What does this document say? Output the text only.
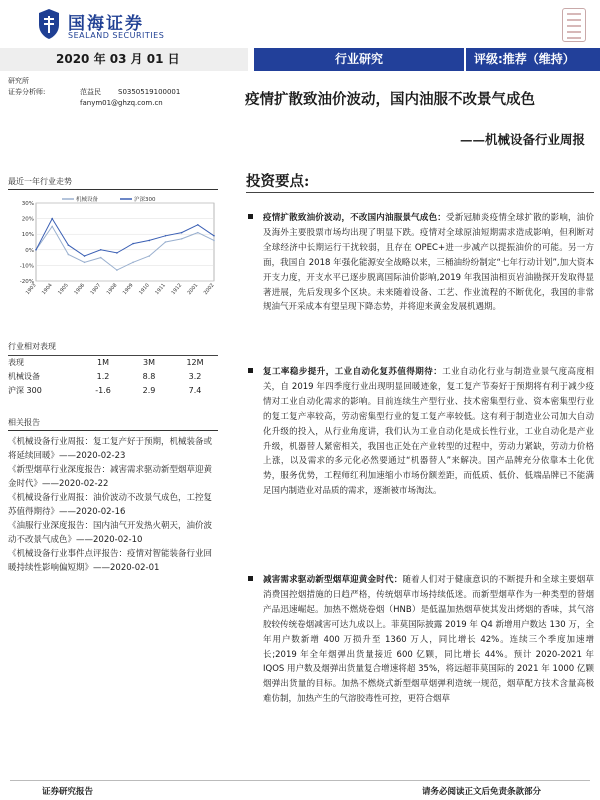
国海证券
SEALAND SECURITIES
2020 年 03 月 01 日	行业研究	评级:推荐（维持）
研究所
证券分析师:	范益民	S0350519100001
fanym01@ghzq.com.cn	疫情扩散致油价波动，国内油服不改景气成色
——机械设备行业周报
最近一年行业走势
30%
20%
10%
0%
-10%
-20%
1903 1904 1905 1906 1907 1908 1909 1910 1911 1912 2001 2002
机械设备	沪深300
行业相对表现
表现	1M	3M	12M
机械设备	1.2	8.8	3.2
沪深 300	-1.6	2.9	7.4
相关报告

《机械设备行业周报：复工复产好于预期，机械装备或将延续回暖》——2020-02-23

《新型烟草行业深度报告：减害需求驱动新型烟草迎黄金时代》——2020-02-22

《机械设备行业周报：油价波动不改景气成色，工控复苏值得期待》——2020-02-16

《油服行业深度报告：国内油气开发热火朝天，油价波动不改景气成色》——2020-02-10

《机械设备行业事件点评报告：疫情对智能装备行业回暖持续性影响偏短期》——2020-02-01

投资要点:
疫情扩散致油价波动，不改国内油服景气成色：受新冠肺炎疫情全球扩散的影响，油价及海外主要股票市场均出现了明显下跌。疫情对全球原油短期需求造成影响，但利断对全球经济中长期运行干扰较弱，且存在 OPEC+进一步减产以提振油价的可能。另一方面，我国自 2018 年强化能源安全战略以来，三桶油纷纷制定“七年行动计划”,加大资本开支力度，开支水平已逐步脱离国际油价影响,2019 年我国油相页岩油勘探开发取得显著进展，先后发现多个区块。未来随着设备、工艺、作业流程的不断优化，我国的非常规油气开采成本有望呈现下降态势，并将迎来黄金发展机遇期。
复工率稳步提升，工业自动化复苏值得期待：工业自动化行业与制造业景气度高度相关，自 2019 年四季度行业出现明显回暖迹象，复工复产节奏好于预期将有利于减少疫情对工业自动化需求的影响。目前连续生产型行业、技术密集型行业、资本密集型行业的复工复产率较高，劳动密集型行业的复工复产率较低。这有利于制造业公司加大自动化升级的投入，从行业角度讲，我们认为工业自动化是成长性行业，工业自动化是产业升级，机器替人紧密相关，我国也正处在产业转型的过程中，劳动力紧缺，劳动力价格上涨，以及需求的多元化必然要通过“机器替人”来解决。国产品牌充分依靠本土化优势，服务优势，工程师红利加速缩小市场份额差距，而低质、低价、低端品牌已不能满足国内制造业对品质的需求，逐渐被市场淘汰。
减害需求驱动新型烟草迎黄金时代：随着人们对于健康意识的不断提升和全球主要烟草消费国控烟措施的日趋严格，传统烟草市场持续低迷。而新型烟草作为一种类型的替烟产品迅速崛起。加热不燃烧卷烟（HNB）是低温加热烟草使其发出烤烟的香味，其气溶胶较传统卷烟减害可达九成以上。菲莫国际披露 2019 年 Q4 新增用户数达 130 万，全年用户数新增 400 万损升至 1360 万人，同比增长 42%。连续三个季度加速增长;2019 年全年烟弹出货量接近 600 亿颗，同比增长 44%。预计 2020-2021 年 IQOS 用户数及烟弹出货量复合增速将超 35%，将远超菲莫国际的 2021 年 1000 亿颗烟弹出货量的目标。加热不燃烧式新型烟草烟弹利造统一规范，烟草配方技术含量高极难仿制，加热产生的气溶胶毒性可控，更符合烟草
证券研究报告	请务必阅读正文后免责条款部分
